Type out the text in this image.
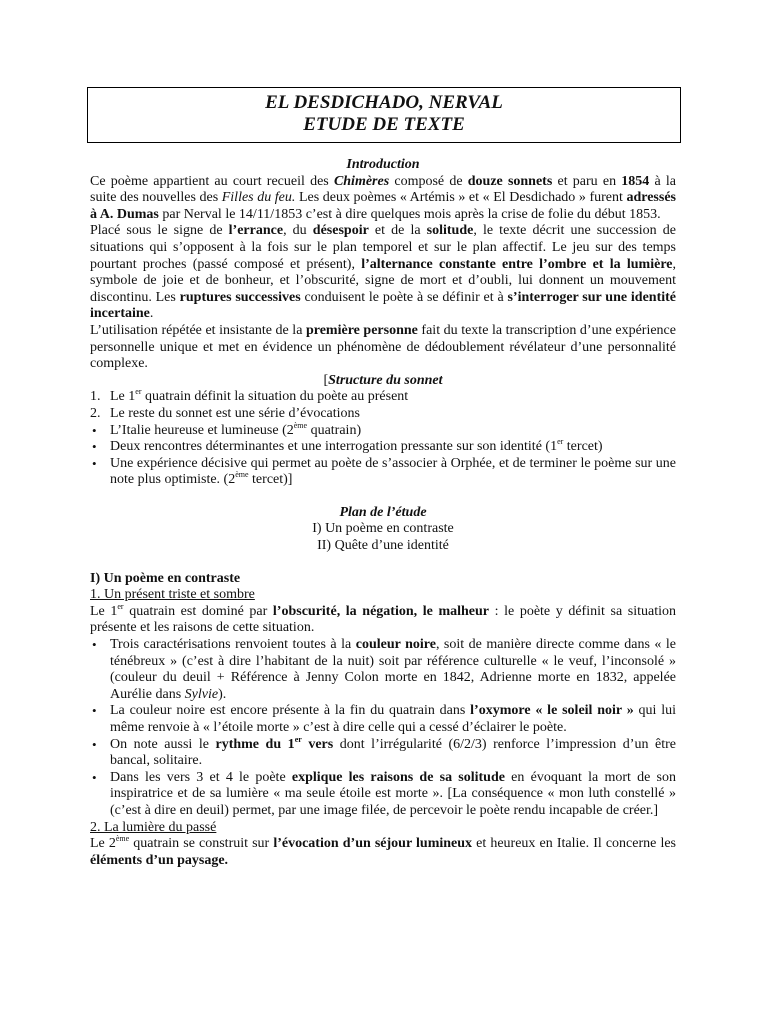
EL DESDICHADO, NERVAL
ETUDE DE TEXTE

Introduction

Ce poème appartient au court recueil des Chimères composé de douze sonnets et paru en 1854 à la suite des nouvelles des Filles du feu. Les deux poèmes « Artémis » et « El Desdichado » furent adressés à A. Dumas par Nerval le 14/11/1853 c’est à dire quelques mois après la crise de folie du début 1853.

Placé sous le signe de l’errance, du désespoir et de la solitude, le texte décrit une succession de situations qui s’opposent à la fois sur le plan temporel et sur le plan affectif. Le jeu sur des temps pourtant proches (passé composé et présent), l’alternance constante entre l’ombre et la lumière, symbole de joie et de bonheur, et l’obscurité, signe de mort et d’oubli, lui donnent un mouvement discontinu. Les ruptures successives conduisent le poète à se définir et à s’interroger sur une identité incertaine.

L’utilisation répétée et insistante de la première personne fait du texte la transcription d’une expérience personnelle unique et met en évidence un phénomène de dédoublement révélateur d’une personnalité complexe.

[Structure du sonnet

1. Le 1er quatrain définit la situation du poète au présent
2. Le reste du sonnet est une série d’évocations
• L’Italie heureuse et lumineuse (2ème quatrain)
• Deux rencontres déterminantes et une interrogation pressante sur son identité (1er tercet)
• Une expérience décisive qui permet au poète de s’associer à Orphée, et de terminer le poème sur une note plus optimiste. (2ème tercet)]

Plan de l’étude

I) Un poème en contraste

II) Quête d’une identité

I) Un poème en contraste

1. Un présent triste et sombre

Le 1er quatrain est dominé par l’obscurité, la négation, le malheur : le poète y définit sa situation présente et les raisons de cette situation.

• Trois caractérisations renvoient toutes à la couleur noire, soit de manière directe comme dans « le ténébreux » (c’est à dire l’habitant de la nuit) soit par référence culturelle « le veuf, l’inconsolé » (couleur du deuil + Référence à Jenny Colon morte en 1842, Adrienne morte en 1832, appelée Aurélie dans Sylvie).
• La couleur noire est encore présente à la fin du quatrain dans l’oxymore « le soleil noir » qui lui même renvoie à « l’étoile morte » c’est à dire celle qui a cessé d’éclairer le poète.
• On note aussi le rythme du 1er vers dont l’irrégularité (6/2/3) renforce l’impression d’un être bancal, solitaire.
• Dans les vers 3 et 4 le poète explique les raisons de sa solitude en évoquant la mort de son inspiratrice et de sa lumière « ma seule étoile est morte ». [La conséquence « mon luth constellé » (c’est à dire en deuil) permet, par une image filée, de percevoir le poète rendu incapable de créer.]

2. La lumière du passé

Le 2ème quatrain se construit sur l’évocation d’un séjour lumineux et heureux en Italie. Il concerne les éléments d’un paysage.
